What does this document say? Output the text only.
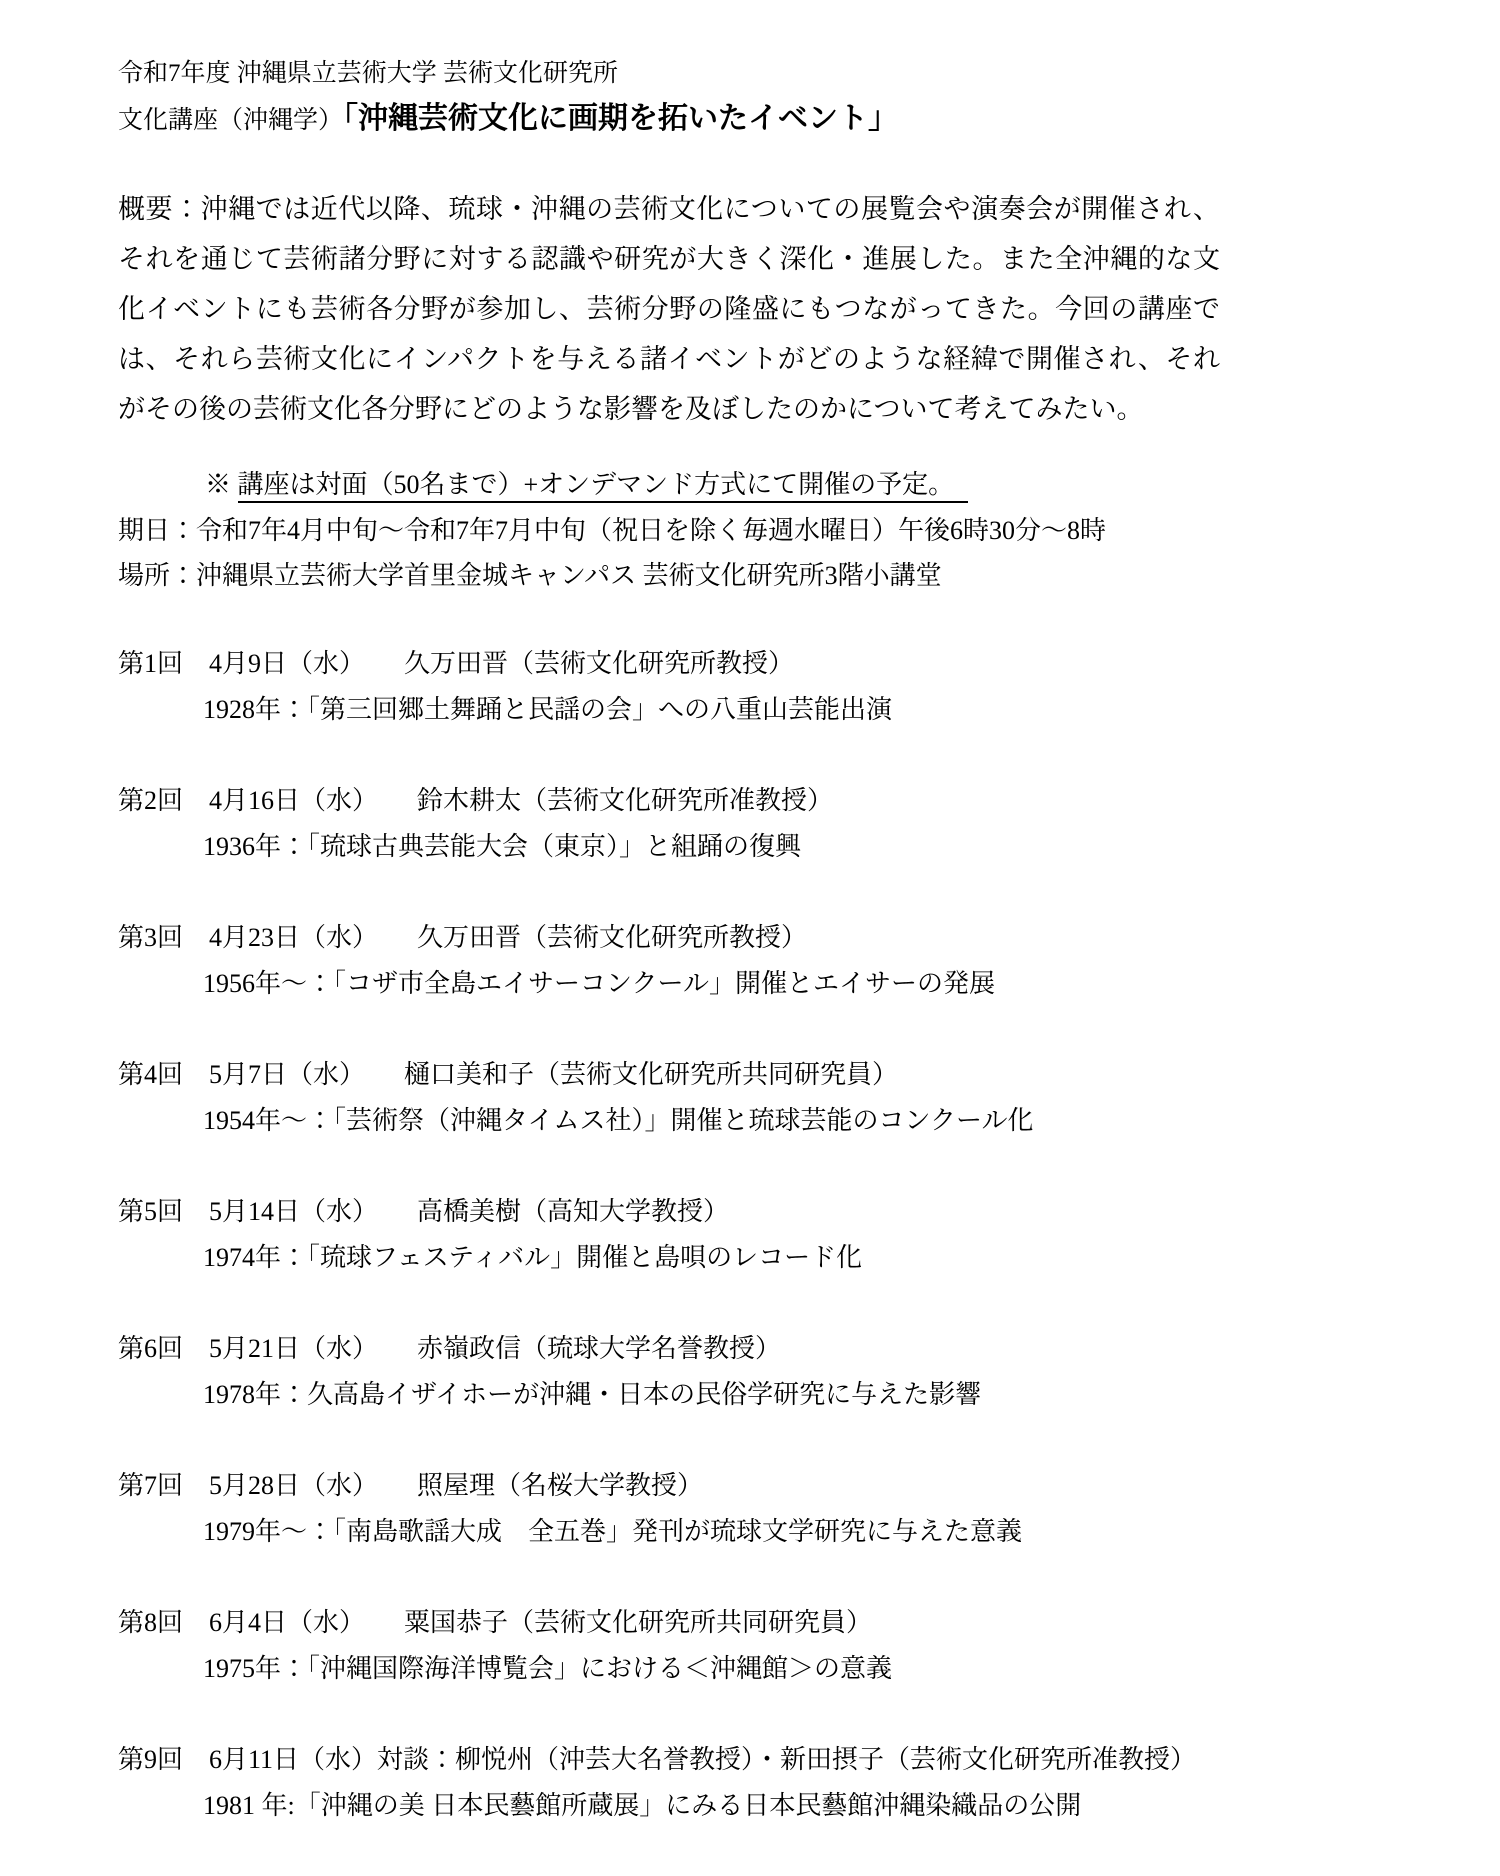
令和7年度 沖縄県立芸術大学 芸術文化研究所
文化講座（沖縄学）「沖縄芸術文化に画期を拓いたイベント」

概要：沖縄では近代以降、琉球・沖縄の芸術文化についての展覧会や演奏会が開催され、それを通じて芸術諸分野に対する認識や研究が大きく深化・進展した。また全沖縄的な文化イベントにも芸術各分野が参加し、芸術分野の隆盛にもつながってきた。今回の講座では、それら芸術文化にインパクトを与える諸イベントがどのような経緯で開催され、それがその後の芸術文化各分野にどのような影響を及ぼしたのかについて考えてみたい。

※ 講座は対面（50名まで）+オンデマンド方式にて開催の予定。
期日：令和7年4月中旬～令和7年7月中旬（祝日を除く毎週水曜日）午後6時30分～8時
場所：沖縄県立芸術大学首里金城キャンパス 芸術文化研究所3階小講堂
第1回　4月9日（水）　　久万田晋（芸術文化研究所教授）
1928年：「第三回郷土舞踊と民謡の会」への八重山芸能出演
第2回　4月16日（水）　　鈴木耕太（芸術文化研究所准教授）
1936年：「琉球古典芸能大会（東京）」と組踊の復興
第3回　4月23日（水）　　久万田晋（芸術文化研究所教授）
1956年～：「コザ市全島エイサーコンクール」開催とエイサーの発展
第4回　5月7日（水）　　樋口美和子（芸術文化研究所共同研究員）
1954年～：「芸術祭（沖縄タイムス社）」開催と琉球芸能のコンクール化
第5回　5月14日（水）　　高橋美樹（高知大学教授）
1974年：「琉球フェスティバル」開催と島唄のレコード化
第6回　5月21日（水）　　赤嶺政信（琉球大学名誉教授）
1978年：久高島イザイホーが沖縄・日本の民俗学研究に与えた影響
第7回　5月28日（水）　　照屋理（名桜大学教授）
1979年～：「南島歌謡大成　全五巻」発刊が琉球文学研究に与えた意義
第8回　6月4日（水）　　粟国恭子（芸術文化研究所共同研究員）
1975年：「沖縄国際海洋博覧会」における＜沖縄館＞の意義
第9回　6月11日（水）対談：柳悦州（沖芸大名誉教授）・新田摂子（芸術文化研究所准教授）
1981 年:「沖縄の美 日本民藝館所蔵展」にみる日本民藝館沖縄染織品の公開
